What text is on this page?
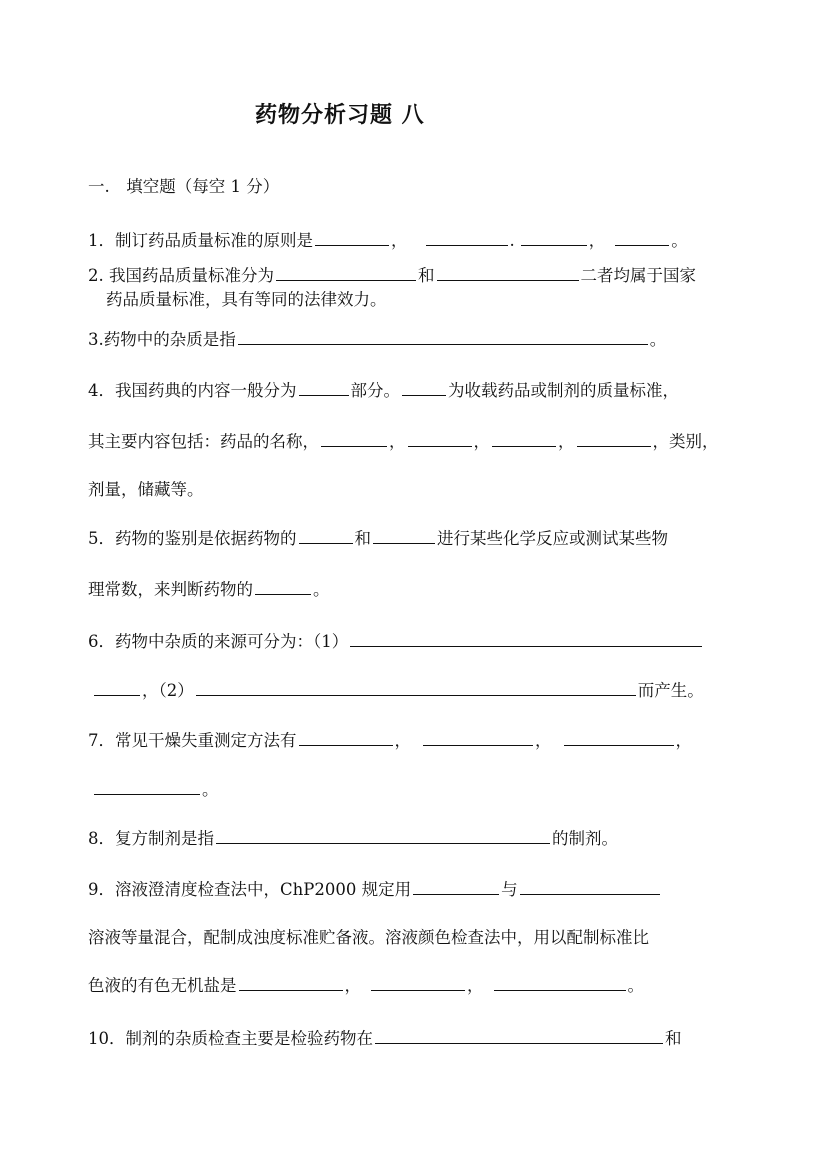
药物分析习题 八
一.　填空题（每空 1 分）
1．制订药品质量标准的原则是	，	.	，	。
2. 我国药品质量标准分为	和	二者均属于国家
药品质量标准，具有等同的法律效力。
3.药物中的杂质是指	。
4．我国药典的内容一般分为	部分。	为收载药品或制剂的质量标准，
其主要内容包括：药品的名称，	，	，	，	，类别，
剂量，储藏等。
5．药物的鉴别是依据药物的	和	进行某些化学反应或测试某些物
理常数，来判断药物的	。
6．药物中杂质的来源可分为：（1）
，（2）	而产生。
7．常见干燥失重测定方法有	，	，	，
。
8．复方制剂是指	的制剂。
9．溶液澄清度检查法中，ChP2000 规定用	与
溶液等量混合，配制成浊度标准贮备液。溶液颜色检查法中，用以配制标准比
色液的有色无机盐是	，	，	。
10．制剂的杂质检查主要是检验药物在	和
